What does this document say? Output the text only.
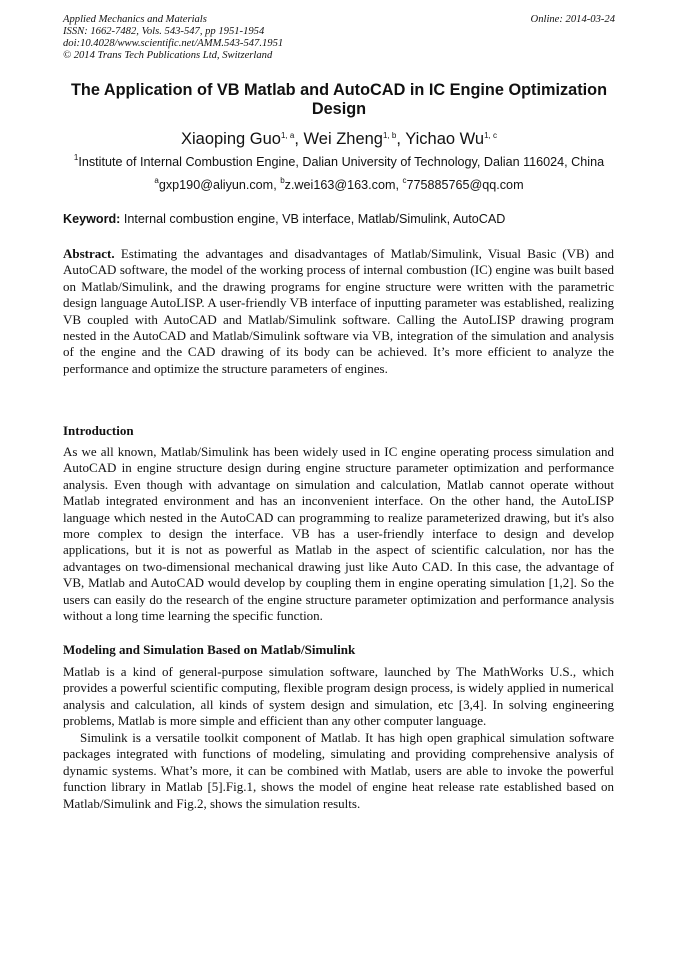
Applied Mechanics and Materials
ISSN: 1662-7482, Vols. 543-547, pp 1951-1954
doi:10.4028/www.scientific.net/AMM.543-547.1951
© 2014 Trans Tech Publications Ltd, Switzerland
Online: 2014-03-24
The Application of VB Matlab and AutoCAD in IC Engine Optimization Design
Xiaoping Guo$^{1, a}$, Wei Zheng$^{1, b}$, Yichao Wu$^{1, c}$
$^1$Institute of Internal Combustion Engine, Dalian University of Technology, Dalian 116024, China
$^a$gxp190@aliyun.com, $^b$z.wei163@163.com, $^c$775885765@qq.com
Keyword: Internal combustion engine, VB interface, Matlab/Simulink, AutoCAD
Abstract. Estimating the advantages and disadvantages of Matlab/Simulink, Visual Basic (VB) and AutoCAD software, the model of the working process of internal combustion (IC) engine was built based on Matlab/Simulink, and the drawing programs for engine structure were written with the parametric design language AutoLISP. A user-friendly VB interface of inputting parameter was established, realizing VB coupled with AutoCAD and Matlab/Simulink software. Calling the AutoLISP drawing program nested in the AutoCAD and Matlab/Simulink software via VB, integration of the simulation and analysis of the engine and the CAD drawing of its body can be achieved. It’s more efficient to analyze the performance and optimize the structure parameters of engines.
Introduction
As we all known, Matlab/Simulink has been widely used in IC engine operating process simulation and AutoCAD in engine structure design during engine structure parameter optimization and performance analysis. Even though with advantage on simulation and calculation, Matlab cannot operate without Matlab integrated environment and has an inconvenient interface. On the other hand, the AutoLISP language which nested in the AutoCAD can programming to realize parameterized drawing, but it's also more complex to design the interface. VB has a user-friendly interface to design and develop applications, but it is not as powerful as Matlab in the aspect of scientific calculation, nor has the advantages on two-dimensional mechanical drawing just like Auto CAD. In this case, the advantage of VB, Matlab and AutoCAD would develop by coupling them in engine operating simulation [1,2]. So the users can easily do the research of the engine structure parameter optimization and performance analysis without a long time learning the specific function.
Modeling and Simulation Based on Matlab/Simulink
Matlab is a kind of general-purpose simulation software, launched by The MathWorks U.S., which provides a powerful scientific computing, flexible program design process, is widely applied in numerical analysis and calculation, all kinds of system design and simulation, etc [3,4]. In solving engineering problems, Matlab is more simple and efficient than any other computer language.
Simulink is a versatile toolkit component of Matlab. It has high open graphical simulation software packages integrated with functions of modeling, simulating and providing comprehensive analysis of dynamic systems. What’s more, it can be combined with Matlab, users are able to invoke the powerful function library in Matlab [5].Fig.1, shows the model of engine heat release rate established based on Matlab/Simulink and Fig.2, shows the simulation results.
